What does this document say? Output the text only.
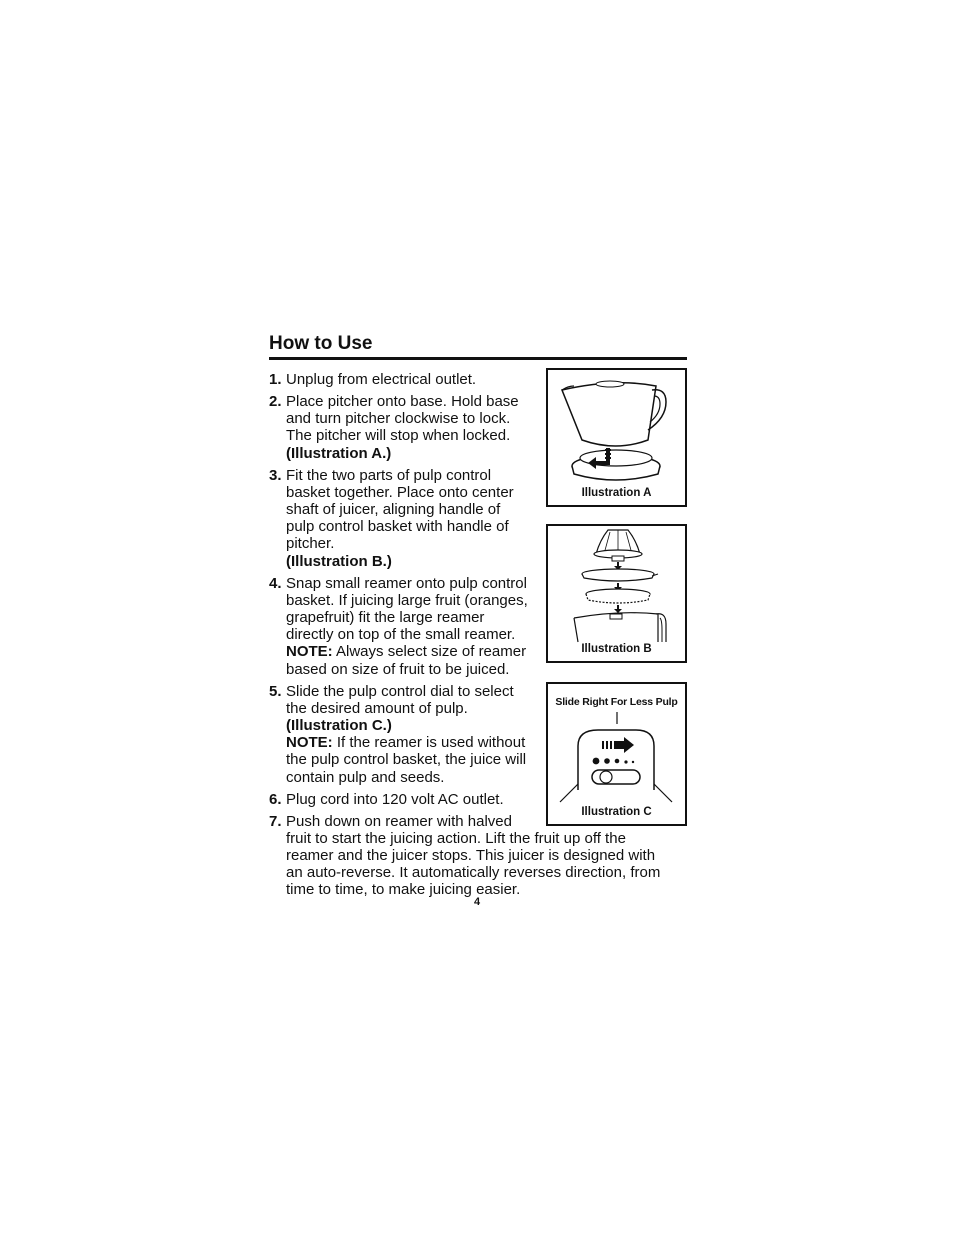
How to Use
Illustration A
Illustration B
Slide Right For Less Pulp
Illustration C
1. Unplug from electrical outlet.
2. Place pitcher onto base. Hold base and turn pitcher clockwise to lock. The pitcher will stop when locked.
(Illustration A.)
3. Fit the two parts of pulp control basket together. Place onto center shaft of juicer, aligning handle of pulp control basket with handle of pitcher.
(Illustration B.)
4. Snap small reamer onto pulp control basket. If juicing large fruit (oranges, grapefruit) fit the large reamer directly on top of the small reamer.
NOTE: Always select size of reamer based on size of fruit to be juiced.
5. Slide the pulp control dial to select the desired amount of pulp.
(Illustration C.)
NOTE: If the reamer is used without the pulp control basket, the juice will contain pulp and seeds.
6. Plug cord into 120 volt AC outlet.
7. Push down on reamer with halved fruit to start the juicing action. Lift the fruit up off the reamer and the juicer stops. This juicer is designed with an auto-reverse. It automatically reverses direction, from time to time, to make juicing easier.
4
